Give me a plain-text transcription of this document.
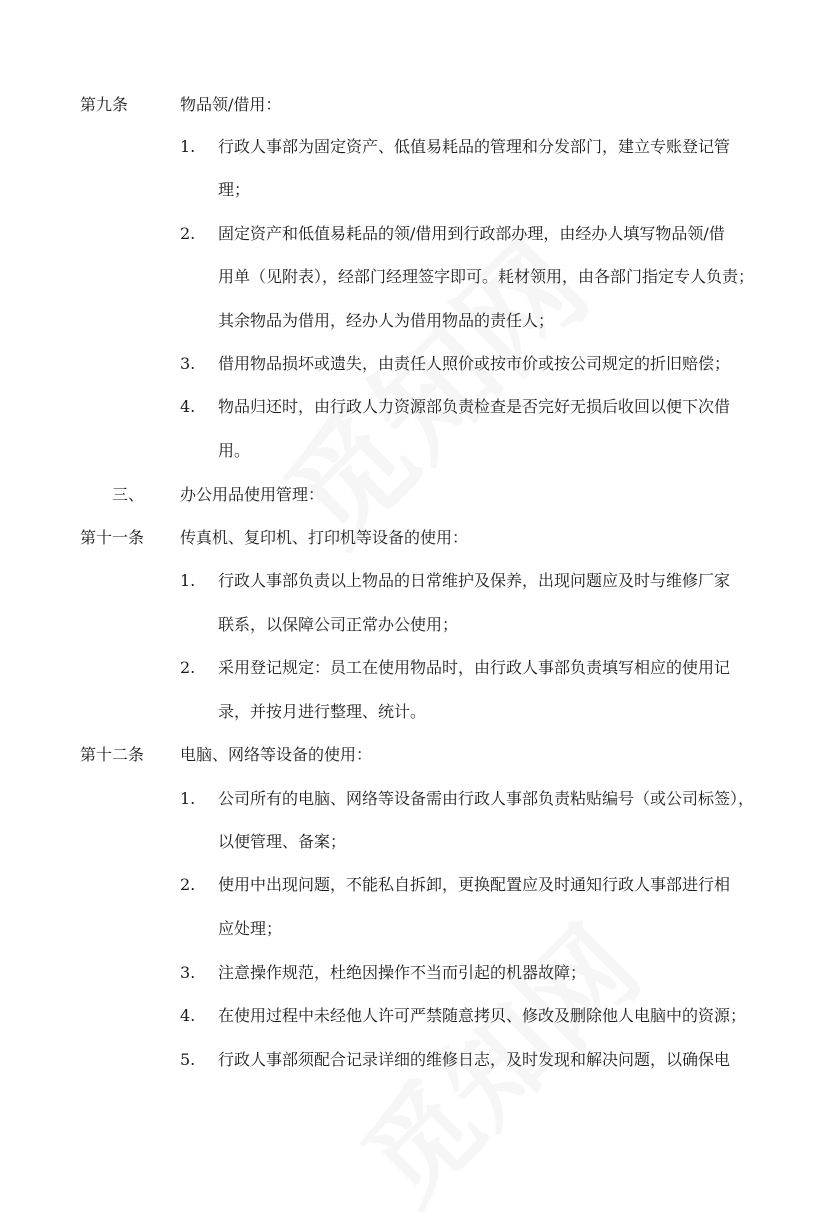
第九条	物品领/借用：
1. 行政人事部为固定资产、低值易耗品的管理和分发部门，建立专账登记管
理；
2. 固定资产和低值易耗品的领/借用到行政部办理，由经办人填写物品领/借
用单（见附表），经部门经理签字即可。耗材领用，由各部门指定专人负责；
其余物品为借用，经办人为借用物品的责任人；
3. 借用物品损坏或遗失，由责任人照价或按市价或按公司规定的折旧赔偿；
4. 物品归还时，由行政人力资源部负责检查是否完好无损后收回以便下次借
用。
三、 办公用品使用管理：
第十一条 传真机、复印机、打印机等设备的使用：
1. 行政人事部负责以上物品的日常维护及保养，出现问题应及时与维修厂家
联系，以保障公司正常办公使用；
2. 采用登记规定：员工在使用物品时，由行政人事部负责填写相应的使用记
录，并按月进行整理、统计。
第十二条 电脑、网络等设备的使用：
1. 公司所有的电脑、网络等设备需由行政人事部负责粘贴编号（或公司标签），
以便管理、备案；
2. 使用中出现问题，不能私自拆卸，更换配置应及时通知行政人事部进行相
应处理；
3. 注意操作规范，杜绝因操作不当而引起的机器故障；
4. 在使用过程中未经他人许可严禁随意拷贝、修改及删除他人电脑中的资源；
5. 行政人事部须配合记录详细的维修日志，及时发现和解决问题，以确保电
